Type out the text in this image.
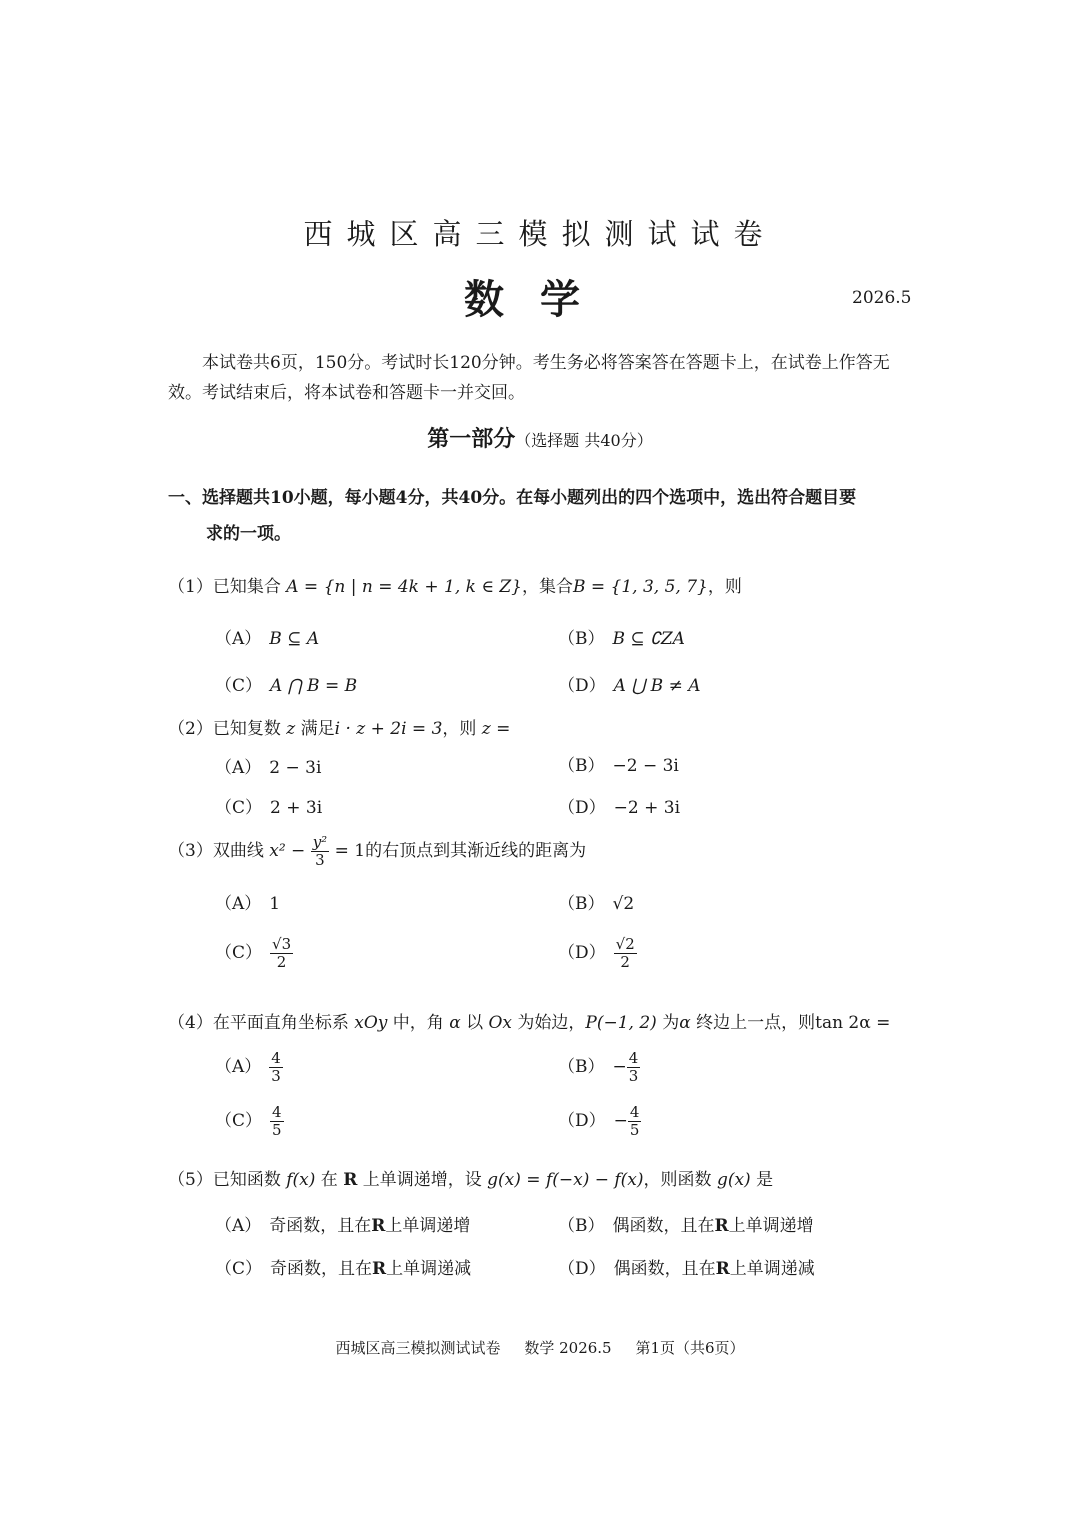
西城区高三模拟测试试卷
数学	2026.5
本试卷共6页，150分。考试时长120分钟。考生务必将答案答在答题卡上，在试卷上作答无效。考试结束后，将本试卷和答题卡一并交回。
第一部分（选择题 共40分）
一、选择题共10小题，每小题4分，共40分。在每小题列出的四个选项中，选出符合题目要
求的一项。
（1）已知集合 A = {n | n = 4k + 1, k ∈ Z}，集合B = {1, 3, 5, 7}，则
（A） B ⊆ A	（B） B ⊆ ∁ZA
（C） A ⋂ B = B	（D） A ⋃ B ≠ A
（2）已知复数 z 满足i · z + 2i = 3，则 z =
（A） 2 − 3i	（B） −2 − 3i
（C） 2 + 3i	（D） −2 + 3i
（3）双曲线 $x^2 - \frac{\text{y²}}{3} = 1$的右顶点到其渐近线的距离为
（A） 1	（B） √2
$(C) \frac{√3}{2}$	$(D) \frac{√2}{2}$
（4）在平面直角坐标系 xOy 中，角 α 以 Ox 为始边，P(−1, 2) 为α 终边上一点，则tan 2α =
$(A) \frac{4}{3}$	$(B) - \frac{4}{3}$
$(C) \frac{4}{5}$	$(D) - \frac{4}{5}$
（5）已知函数 f(x) 在 R 上单调递增，设 g(x) = f(−x) − f(x)，则函数 g(x) 是
（A） 奇函数，且在R上单调递增	（B） 偶函数，且在R上单调递增
（C） 奇函数，且在R上单调递减	（D） 偶函数，且在R上单调递减
西城区高三模拟测试试卷 数学 2026.5 第1页（共6页）
